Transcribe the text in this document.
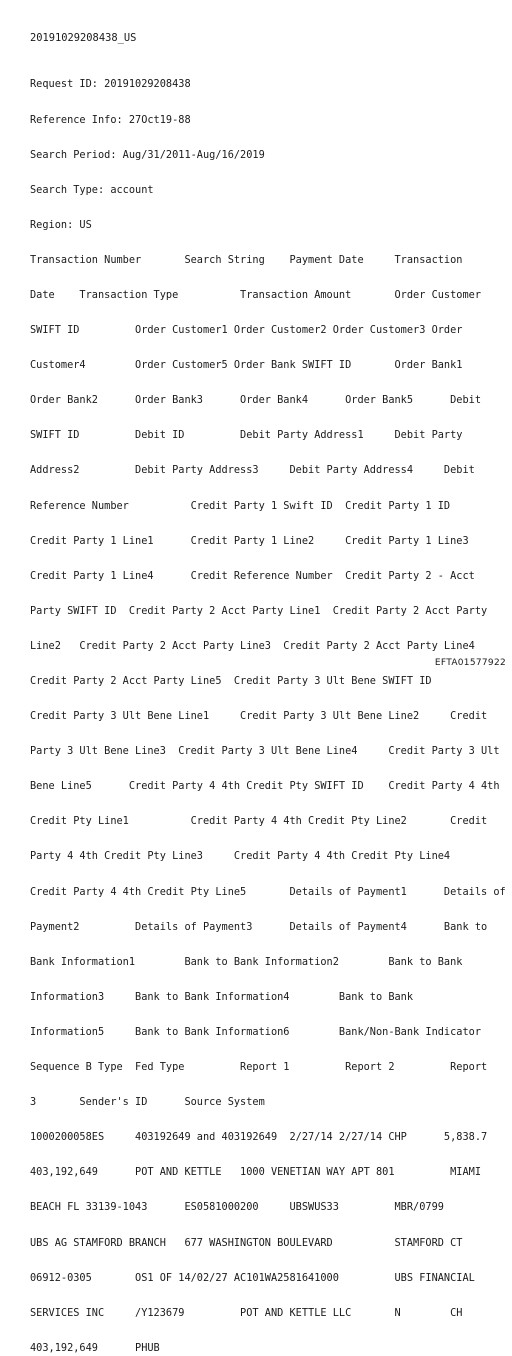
20191029208438_US

Request ID: 20191029208438

Reference Info: 27Oct19-88

Search Period: Aug/31/2011-Aug/16/2019

Search Type: account

Region: US

Transaction Number       Search String    Payment Date     Transaction

Date    Transaction Type          Transaction Amount       Order Customer

SWIFT ID         Order Customer1 Order Customer2 Order Customer3 Order

Customer4        Order Customer5 Order Bank SWIFT ID       Order Bank1

Order Bank2      Order Bank3      Order Bank4      Order Bank5      Debit

SWIFT ID         Debit ID         Debit Party Address1     Debit Party

Address2         Debit Party Address3     Debit Party Address4     Debit

Reference Number          Credit Party 1 Swift ID  Credit Party 1 ID

Credit Party 1 Line1      Credit Party 1 Line2     Credit Party 1 Line3

Credit Party 1 Line4      Credit Reference Number  Credit Party 2 - Acct

Party SWIFT ID  Credit Party 2 Acct Party Line1  Credit Party 2 Acct Party

Line2   Credit Party 2 Acct Party Line3  Credit Party 2 Acct Party Line4

Credit Party 2 Acct Party Line5  Credit Party 3 Ult Bene SWIFT ID

Credit Party 3 Ult Bene Line1     Credit Party 3 Ult Bene Line2     Credit

Party 3 Ult Bene Line3  Credit Party 3 Ult Bene Line4     Credit Party 3 Ult

Bene Line5      Credit Party 4 4th Credit Pty SWIFT ID    Credit Party 4 4th

Credit Pty Line1          Credit Party 4 4th Credit Pty Line2       Credit

Party 4 4th Credit Pty Line3     Credit Party 4 4th Credit Pty Line4

Credit Party 4 4th Credit Pty Line5       Details of Payment1      Details of

Payment2         Details of Payment3      Details of Payment4      Bank to

Bank Information1        Bank to Bank Information2        Bank to Bank

Information3     Bank to Bank Information4        Bank to Bank

Information5     Bank to Bank Information6        Bank/Non-Bank Indicator

Sequence B Type  Fed Type         Report 1         Report 2         Report

3       Sender's ID      Source System

1000200058ES     403192649 and 403192649  2/27/14 2/27/14 CHP      5,838.7

403,192,649      POT AND KETTLE   1000 VENETIAN WAY APT 801         MIAMI

BEACH FL 33139-1043      ES0581000200     UBSWUS33         MBR/0799

UBS AG STAMFORD BRANCH   677 WASHINGTON BOULEVARD          STAMFORD CT

06912-0305       OS1 OF 14/02/27 AC101WA2581641000         UBS FINANCIAL

SERVICES INC     /Y123679         POT AND KETTLE LLC       N        CH

403,192,649      PHUB

EFTA01577922
